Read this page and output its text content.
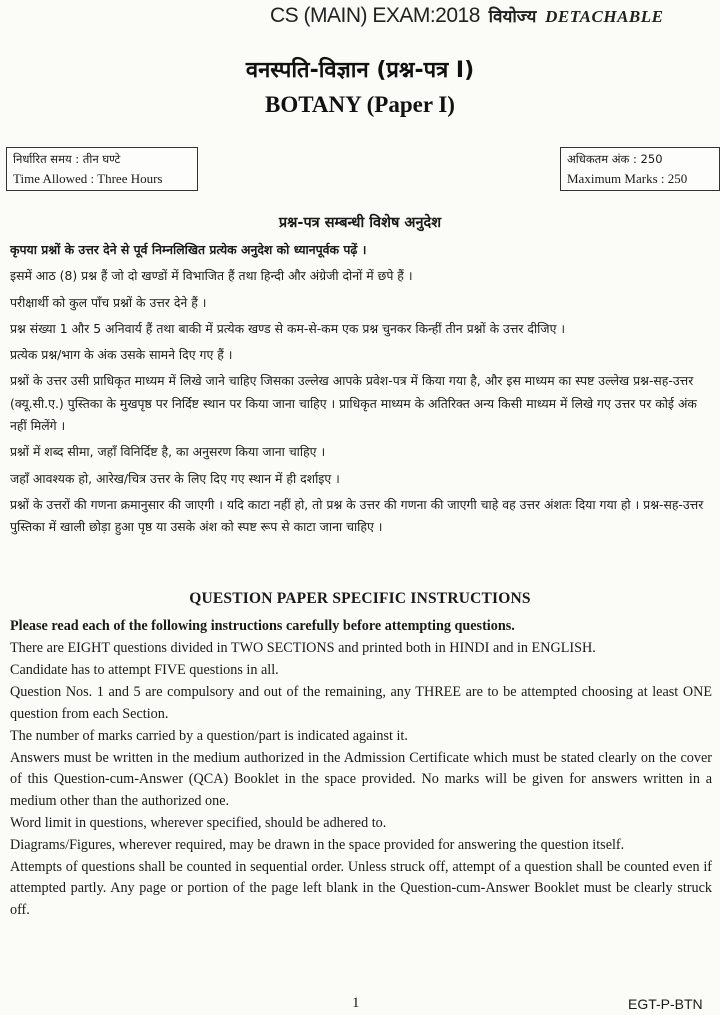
CS (MAIN) EXAM:2018 वियोज्य DETACHABLE
वनस्पति-विज्ञान (प्रश्न-पत्र I)
BOTANY (Paper I)
निर्धारित समय : तीन घण्टे
Time Allowed : Three Hours
अधिकतम अंक : 250
Maximum Marks : 250
प्रश्न-पत्र सम्बन्धी विशेष अनुदेश

कृपया प्रश्नों के उत्तर देने से पूर्व निम्नलिखित प्रत्येक अनुदेश को ध्यानपूर्वक पढ़ें ।

इसमें आठ (8) प्रश्न हैं जो दो खण्डों में विभाजित हैं तथा हिन्दी और अंग्रेजी दोनों में छपे हैं ।

परीक्षार्थी को कुल पाँच प्रश्नों के उत्तर देने हैं ।

प्रश्न संख्या 1 और 5 अनिवार्य हैं तथा बाकी में प्रत्येक खण्ड से कम-से-कम एक प्रश्न चुनकर किन्हीं तीन प्रश्नों के उत्तर दीजिए ।

प्रत्येक प्रश्न/भाग के अंक उसके सामने दिए गए हैं ।

प्रश्नों के उत्तर उसी प्राधिकृत माध्यम में लिखे जाने चाहिए जिसका उल्लेख आपके प्रवेश-पत्र में किया गया है, और इस माध्यम का स्पष्ट उल्लेख प्रश्न-सह-उत्तर (क्यू.सी.ए.) पुस्तिका के मुखपृष्ठ पर निर्दिष्ट स्थान पर किया जाना चाहिए । प्राधिकृत माध्यम के अतिरिक्त अन्य किसी माध्यम में लिखे गए उत्तर पर कोई अंक नहीं मिलेंगे ।

प्रश्नों में शब्द सीमा, जहाँ विनिर्दिष्ट है, का अनुसरण किया जाना चाहिए ।

जहाँ आवश्यक हो, आरेख/चित्र उत्तर के लिए दिए गए स्थान में ही दर्शाइए ।

प्रश्नों के उत्तरों की गणना क्रमानुसार की जाएगी । यदि काटा नहीं हो, तो प्रश्न के उत्तर की गणना की जाएगी चाहे वह उत्तर अंशतः दिया गया हो । प्रश्न-सह-उत्तर पुस्तिका में खाली छोड़ा हुआ पृष्ठ या उसके अंश को स्पष्ट रूप से काटा जाना चाहिए ।

QUESTION PAPER SPECIFIC INSTRUCTIONS

Please read each of the following instructions carefully before attempting questions.

There are EIGHT questions divided in TWO SECTIONS and printed both in HINDI and in ENGLISH.

Candidate has to attempt FIVE questions in all.

Question Nos. 1 and 5 are compulsory and out of the remaining, any THREE are to be attempted choosing at least ONE question from each Section.

The number of marks carried by a question/part is indicated against it.

Answers must be written in the medium authorized in the Admission Certificate which must be stated clearly on the cover of this Question-cum-Answer (QCA) Booklet in the space provided. No marks will be given for answers written in a medium other than the authorized one.

Word limit in questions, wherever specified, should be adhered to.

Diagrams/Figures, wherever required, may be drawn in the space provided for answering the question itself.

Attempts of questions shall be counted in sequential order. Unless struck off, attempt of a question shall be counted even if attempted partly. Any page or portion of the page left blank in the Question-cum-Answer Booklet must be clearly struck off.

1	EGT-P-BTN
